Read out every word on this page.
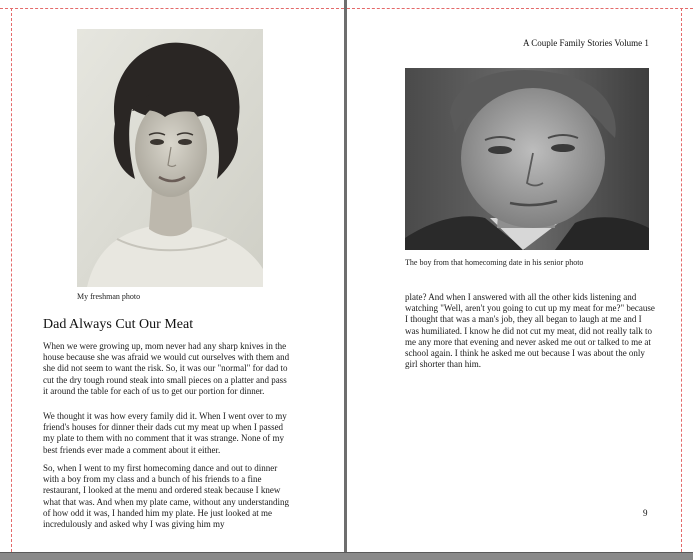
My freshman photo
Dad Always Cut Our Meat

When we were growing up, mom never had any sharp knives in the house because she was afraid we would cut ourselves with them and she did not seem to want the risk. So, it was our "normal" for dad to cut the dry tough round steak into small pieces on a platter and pass it around the table for each of us to get our portion for dinner.

We thought it was how every family did it. When I went over to my friend's houses for dinner their dads cut my meat up when I passed my plate to them with no comment that it was strange. None of my best friends ever made a comment about it either.

So, when I went to my first homecoming dance and out to dinner with a boy from my class and a bunch of his friends to a fine restaurant, I looked at the menu and ordered steak because I knew what that was. And when my plate came, without any understanding of how odd it was, I handed him my plate. He just looked at me incredulously and asked why I was giving him my

A Couple Family Stories Volume 1
The boy from that homecoming date in his senior photo

plate? And when I answered with all the other kids listening and watching "Well, aren't you going to cut up my meat for me?" because I thought that was a man's job, they all began to laugh at me and I was humiliated. I know he did not cut my meat, did not really talk to me any more that evening and never asked me out or talked to me at school again. I think he asked me out because I was about the only girl shorter than him.

9
